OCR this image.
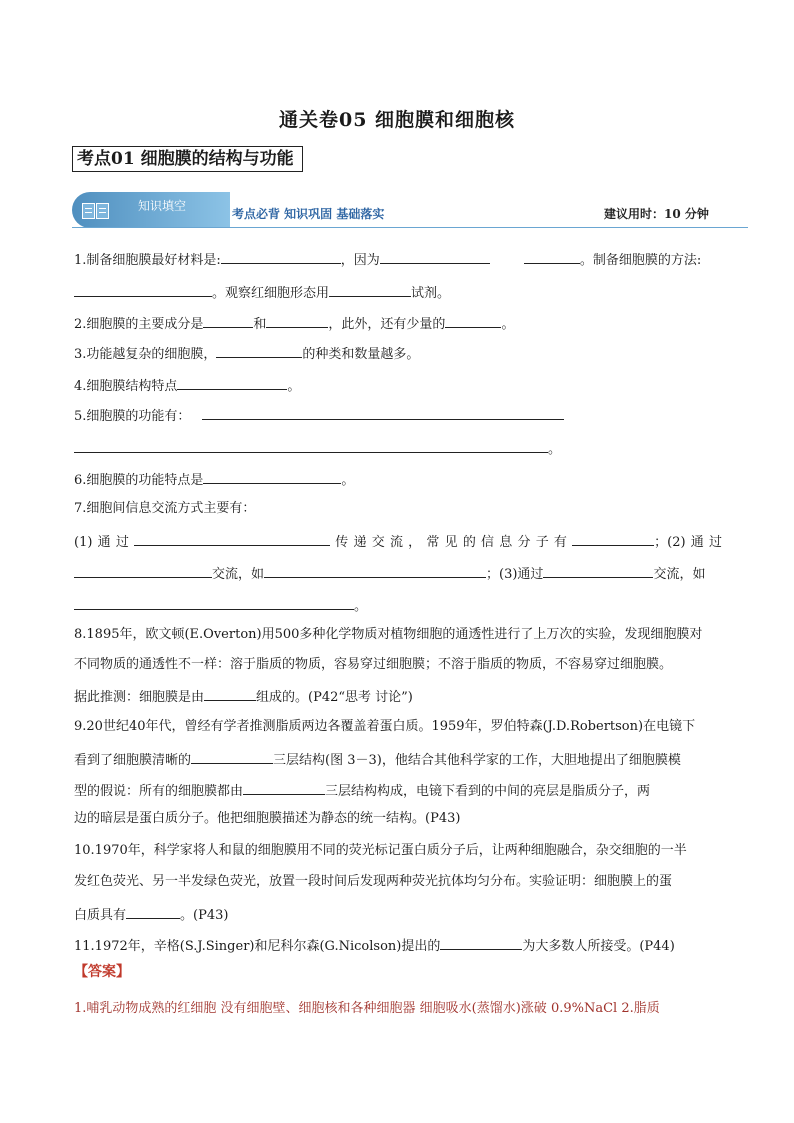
通关卷05 细胞膜和细胞核
考点01 细胞膜的结构与功能
知识填空
考点必背 知识巩固 基础落实	建议用时：10 分钟
1.制备细胞膜最好材料是:	，因为	。制备细胞膜的方法:
。观察红细胞形态用	试剂。
2.细胞膜的主要成分是	和	，此外，还有少量的	。
3.功能越复杂的细胞膜，	的种类和数量越多。
4.细胞膜结构特点	。
5.细胞膜的功能有：
。
6.细胞膜的功能特点是	。
7.细胞间信息交流方式主要有：
(1)通过	传递交流，常见的信息分子有	；(2)通过
交流，如	；(3)通过	交流，如
。
8.1895年，欧文顿(E.Overton)用500多种化学物质对植物细胞的通透性进行了上万次的实验，发现细胞膜对
不同物质的通透性不一样：溶于脂质的物质，容易穿过细胞膜；不溶于脂质的物质，不容易穿过细胞膜。
据此推测：细胞膜是由	组成的。(P42“思考 讨论”)
9.20世纪40年代，曾经有学者推测脂质两边各覆盖着蛋白质。1959年，罗伯特森(J.D.Robertson)在电镜下
看到了细胞膜清晰的	三层结构(图 3－3)，他结合其他科学家的工作，大胆地提出了细胞膜模
型的假说：所有的细胞膜都由	三层结构构成，电镜下看到的中间的亮层是脂质分子，两
边的暗层是蛋白质分子。他把细胞膜描述为静态的统一结构。(P43)
10.1970年，科学家将人和鼠的细胞膜用不同的荧光标记蛋白质分子后，让两种细胞融合，杂交细胞的一半
发红色荧光、另一半发绿色荧光，放置一段时间后发现两种荧光抗体均匀分布。实验证明：细胞膜上的蛋
白质具有	。(P43)
11.1972年，辛格(S.J.Singer)和尼科尔森(G.Nicolson)提出的	为大多数人所接受。(P44)
【答案】
1.哺乳动物成熟的红细胞 没有细胞壁、细胞核和各种细胞器 细胞吸水(蒸馏水)涨破 0.9%NaCl 2.脂质
